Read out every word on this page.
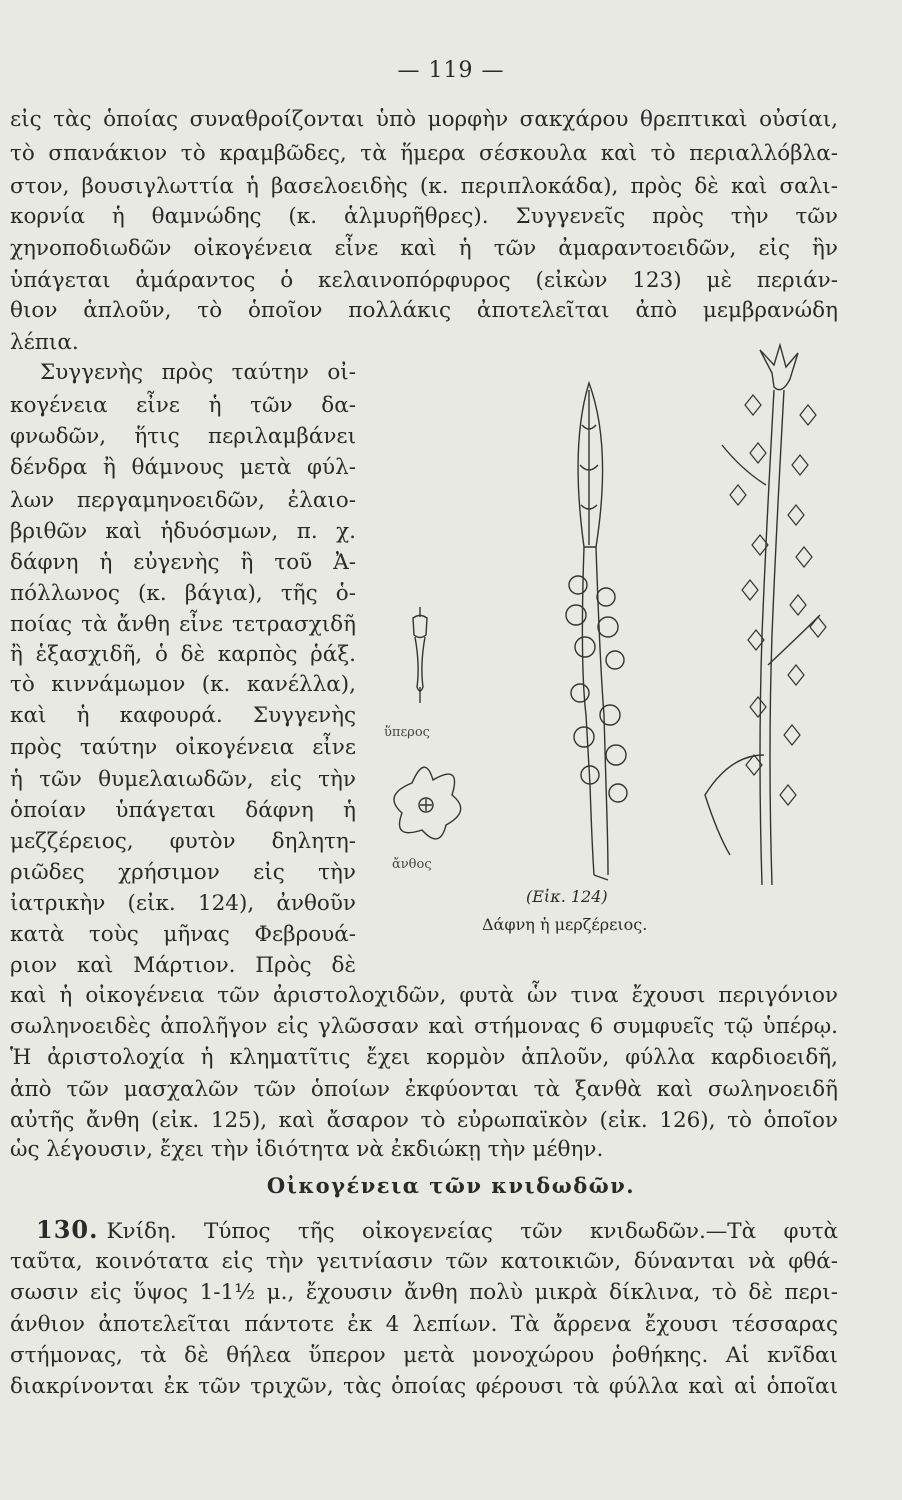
— 119 —
εἰς τὰς ὁποίας συναθροίζονται ὑπὸ μορφὴν σακχάρου θρεπτικαὶ οὐσίαι,
τὸ σπανάκιον τὸ κραμβῶδες, τὰ ἥμερα σέσκουλα καὶ τὸ περιαλλόβλα-
στον, βουσιγλωττία ἡ βασελοειδὴς (κ. περιπλοκάδα), πρὸς δὲ καὶ σαλι-
κορνία ἡ θαμνώδης (κ. ἁλμυρῆθρες). Συγγενεῖς πρὸς τὴν τῶν
χηνοποδιωδῶν οἰκογένεια εἶνε καὶ ἡ τῶν ἀμαραντοειδῶν, εἰς ἣν
ὑπάγεται ἀμάραντος ὁ κελαινοπόρφυρος (εἰκὼν 123) μὲ περιάν-
θιον ἁπλοῦν, τὸ ὁποῖον πολλάκις ἀποτελεῖται ἀπὸ μεμβρανώδη
λέπια.
Συγγενὴς πρὸς ταύτην οἰ-
κογένεια εἶνε ἡ τῶν δα-
φνωδῶν, ἥτις περιλαμβάνει
δένδρα ἢ θάμνους μετὰ φύλ-
λων περγαμηνοειδῶν, ἐλαιο-
βριθῶν καὶ ἡδυόσμων, π. χ.
δάφνη ἡ εὐγενὴς ἢ τοῦ Ἀ-
πόλλωνος (κ. βάγια), τῆς ὁ-
ποίας τὰ ἄνθη εἶνε τετρασχιδῆ
ἢ ἑξασχιδῆ, ὁ δὲ καρπὸς ῥάξ.
τὸ κιννάμωμον (κ. κανέλλα),
καὶ ἡ καφουρά. Συγγενὴς
πρὸς ταύτην οἰκογένεια εἶνε
ἡ τῶν θυμελαιωδῶν, εἰς τὴν
ὁποίαν ὑπάγεται δάφνη ἡ
μεζζέρειος, φυτὸν δηλητη-
ριῶδες χρήσιμον εἰς τὴν
ἰατρικὴν (εἰκ. 124), ἀνθοῦν
κατὰ τοὺς μῆνας Φεβρουά-
ριον καὶ Μάρτιον. Πρὸς δὲ
ὕπερος
ἄνθος
(Εἰκ. 124)
Δάφνη ἡ μερζέρειος.
καὶ ἡ οἰκογένεια τῶν ἀριστολοχιδῶν, φυτὰ ὧν τινα ἔχουσι περιγόνιον
σωληνοειδὲς ἀπολῆγον εἰς γλῶσσαν καὶ στήμονας 6 συμφυεῖς τῷ ὑπέρῳ.
Ἡ ἀριστολοχία ἡ κληματῖτις ἔχει κορμὸν ἁπλοῦν, φύλλα καρδιοειδῆ,
ἀπὸ τῶν μασχαλῶν τῶν ὁποίων ἐκφύονται τὰ ξανθὰ καὶ σωληνοειδῆ
αὐτῆς ἄνθη (εἰκ. 125), καὶ ἄσαρον τὸ εὐρωπαϊκὸν (εἰκ. 126), τὸ ὁποῖον
ὡς λέγουσιν, ἔχει τὴν ἰδιότητα νὰ ἐκδιώκῃ τὴν μέθην.
Οἰκογένεια τῶν κνιδωδῶν.
130. Κνίδη. Τύπος τῆς οἰκογενείας τῶν κνιδωδῶν.—Τὰ φυτὰ
ταῦτα, κοινότατα εἰς τὴν γειτνίασιν τῶν κατοικιῶν, δύνανται νὰ φθά-
σωσιν εἰς ὕψος 1-1½ μ., ἔχουσιν ἄνθη πολὺ μικρὰ δίκλινα, τὸ δὲ περι-
άνθιον ἀποτελεῖται πάντοτε ἐκ 4 λεπίων. Τὰ ἄρρενα ἔχουσι τέσσαρας
στήμονας, τὰ δὲ θήλεα ὕπερον μετὰ μονοχώρου ῥοθήκης. Αἱ κνῖδαι
διακρίνονται ἐκ τῶν τριχῶν, τὰς ὁποίας φέρουσι τὰ φύλλα καὶ αἱ ὁποῖαι
